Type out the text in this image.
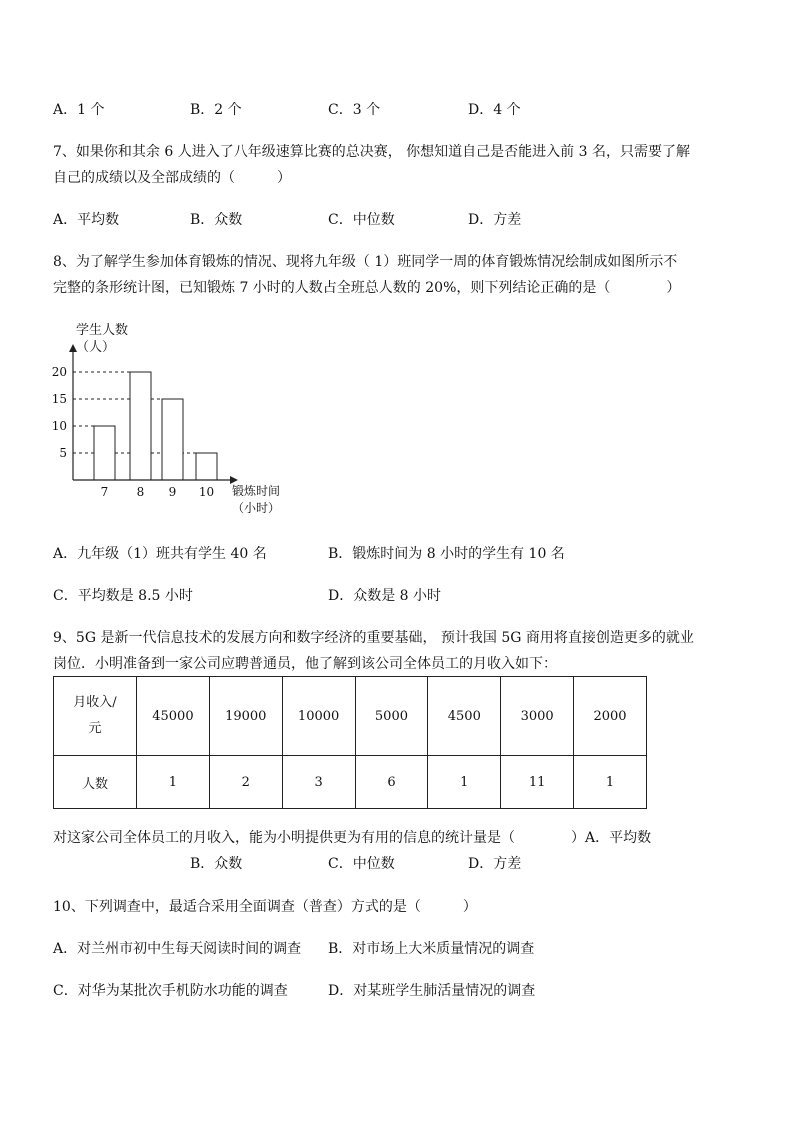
A．1 个	B．2 个	C．3 个	D．4 个
7、如果你和其余 6 人进入了八年级速算比赛的总决赛， 你想知道自己是否能进入前 3 名，只需要了解
自己的成绩以及全部成绩的（　　　）
A．平均数	B．众数	C．中位数	D．方差
8、为了解学生参加体育锻炼的情况、现将九年级（ 1）班同学一周的体育锻炼情况绘制成如图所示不
完整的条形统计图，已知锻炼 7 小时的人数占全班总人数的 20%，则下列结论正确的是（　　　　）
5
10
15
20
7 8 9 10
学生人数
（人）
锻炼时间
（小时）
A．九年级（1）班共有学生 40 名	B．锻炼时间为 8 小时的学生有 10 名
C．平均数是 8.5 小时	D．众数是 8 小时
9、5G 是新一代信息技术的发展方向和数字经济的重要基础， 预计我国 5G 商用将直接创造更多的就业
岗位．小明准备到一家公司应聘普通员，他了解到该公司全体员工的月收入如下：
月收入/
元	45000	19000	10000	5000	4500	3000	2000
人数	1	2	3	6	1	11	1
对这家公司全体员工的月收入，能为小明提供更为有用的信息的统计量是（　　　　）A．平均数
B．众数	C．中位数	D．方差
10、下列调查中，最适合采用全面调查（普查）方式的是（　　　）
A．对兰州市初中生每天阅读时间的调查 B．对市场上大米质量情况的调查
C．对华为某批次手机防水功能的调查	D．对某班学生肺活量情况的调查
